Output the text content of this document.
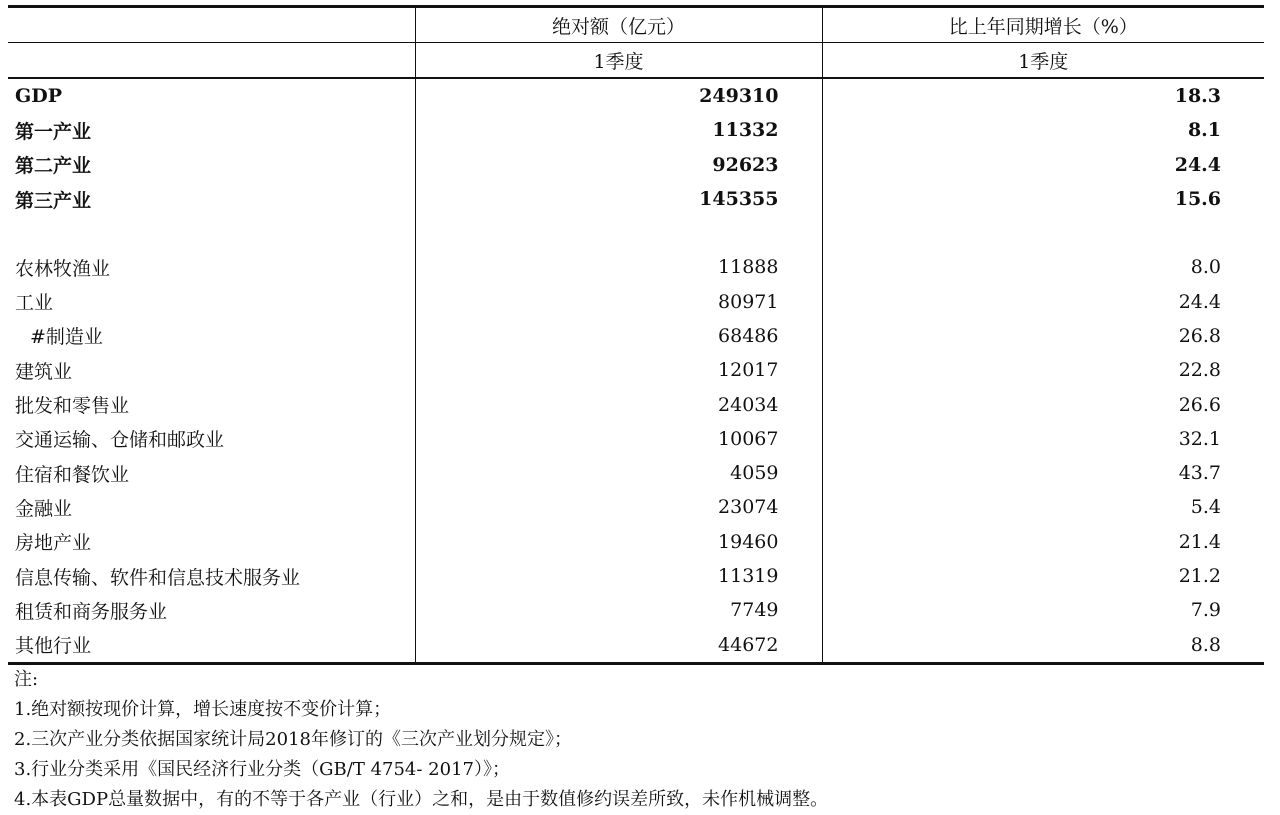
	绝对额（亿元）	比上年同期增长（%）
	1季度	1季度
GDP	249310	18.3
第一产业	11332	8.1
第二产业	92623	24.4
第三产业	145355	15.6

农林牧渔业	11888	8.0
工业	80971	24.4
#制造业	68486	26.8
建筑业	12017	22.8
批发和零售业	24034	26.6
交通运输、仓储和邮政业	10067	32.1
住宿和餐饮业	4059	43.7
金融业	23074	5.4
房地产业	19460	21.4
信息传输、软件和信息技术服务业	11319	21.2
租赁和商务服务业	7749	7.9
其他行业	44672	8.8
注:
1.绝对额按现价计算，增长速度按不变价计算；
2.三次产业分类依据国家统计局2018年修订的《三次产业划分规定》；
3.行业分类采用《国民经济行业分类（GB/T 4754- 2017）》；
4.本表GDP总量数据中，有的不等于各产业（行业）之和，是由于数值修约误差所致，未作机械调整。
